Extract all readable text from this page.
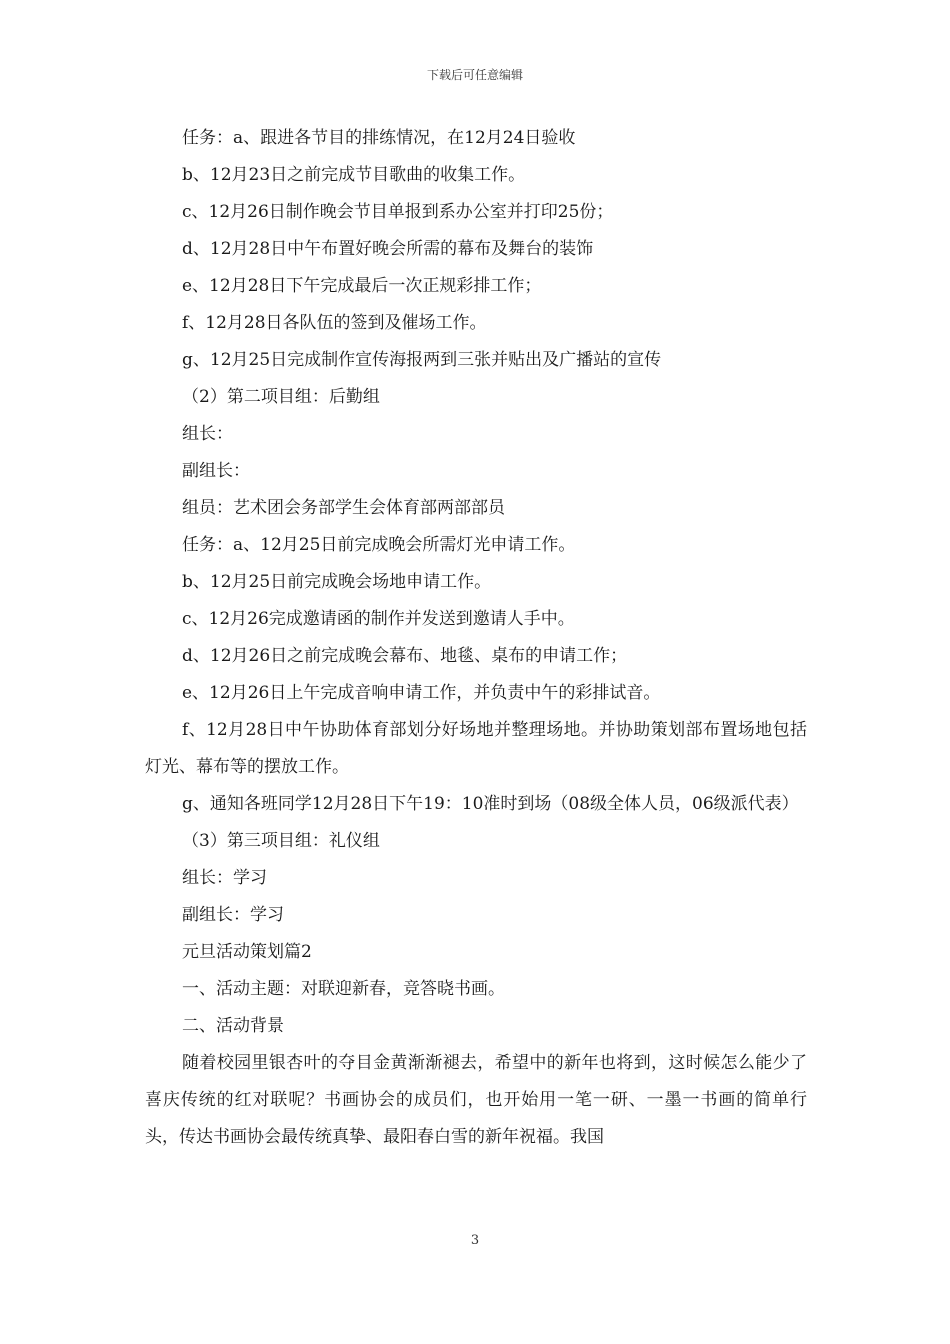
下载后可任意编辑
任务：a、跟进各节目的排练情况，在12月24日验收
b、12月23日之前完成节目歌曲的收集工作。
c、12月26日制作晚会节目单报到系办公室并打印25份；
d、12月28日中午布置好晚会所需的幕布及舞台的装饰
e、12月28日下午完成最后一次正规彩排工作；
f、12月28日各队伍的签到及催场工作。
g、12月25日完成制作宣传海报两到三张并贴出及广播站的宣传
（2）第二项目组：后勤组
组长：
副组长：
组员：艺术团会务部学生会体育部两部部员
任务：a、12月25日前完成晚会所需灯光申请工作。
b、12月25日前完成晚会场地申请工作。
c、12月26完成邀请函的制作并发送到邀请人手中。
d、12月26日之前完成晚会幕布、地毯、桌布的申请工作；
e、12月26日上午完成音响申请工作，并负责中午的彩排试音。
f、12月28日中午协助体育部划分好场地并整理场地。并协助策划部布置场地包括灯光、幕布等的摆放工作。
g、通知各班同学12月28日下午19：10准时到场（08级全体人员，06级派代表）
（3）第三项目组：礼仪组
组长：学习
副组长：学习
元旦活动策划篇2
一、活动主题：对联迎新春，竞答晓书画。
二、活动背景
随着校园里银杏叶的夺目金黄渐渐褪去，希望中的新年也将到，这时候怎么能少了喜庆传统的红对联呢？书画协会的成员们，也开始用一笔一研、一墨一书画的简单行头，传达书画协会最传统真挚、最阳春白雪的新年祝福。我国
3
